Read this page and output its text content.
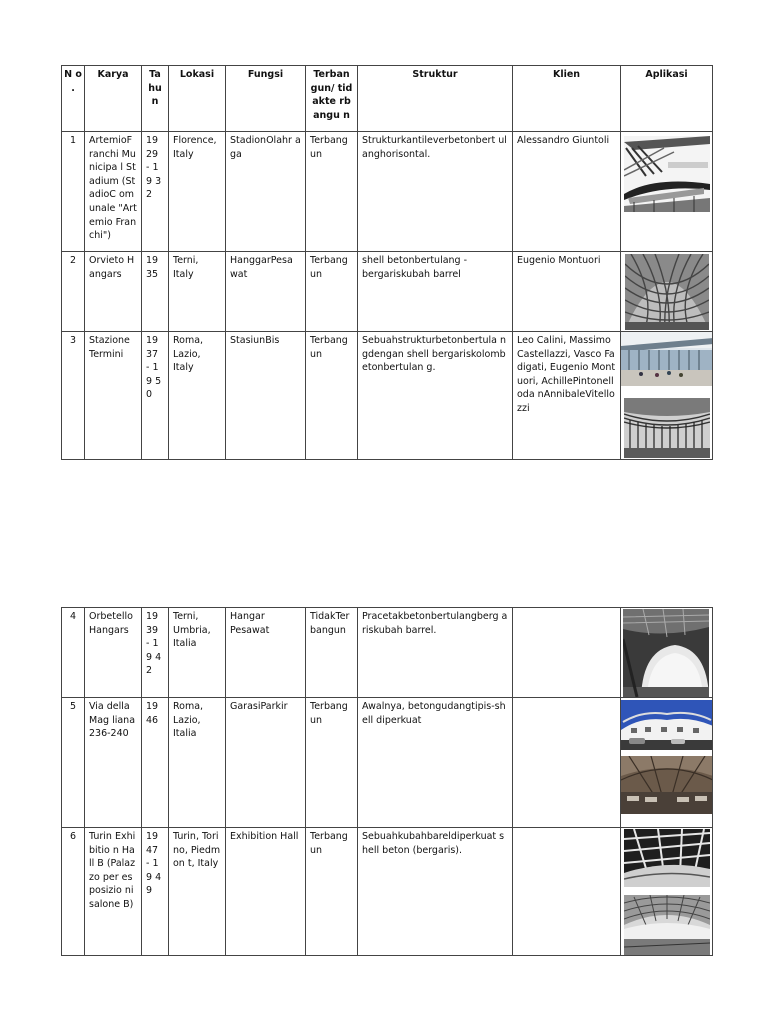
N o .	Karya	Ta hu n	Lokasi	Fungsi	Terban gun/ tidakte rbangu n	Struktur	Klien	Aplikasi
1	ArtemioF ranchi Municipa l Stadium (StadioC omunale "Artemio Franchi")	19 29 - 19 32	Florence, Italy	StadionOlahr aga	Terbang un	Strukturkantileverbetonbert ulanghorisontal.	Alessandro Giuntoli	

2	Orvieto Hangars	19 35	Terni, Italy	HanggarPesa wat	Terbang un	shell betonbertulang - bergariskubah barrel	Eugenio Montuori	

3	Stazione Termini	19 37 - 19 50	Roma, Lazio, Italy	StasiunBis	Terbang un	Sebuahstrukturbetonbertula ngdengan shell bergariskolombetonbertulan g.	Leo Calini, Massimo Castellazzi, Vasco Fadigati, Eugenio Montuori, AchillePintonelloda nAnnibaleVitellozzi	
4	Orbetello Hangars	19 39 - 19 42	Terni, Umbria, Italia	Hangar Pesawat	TidakTer bangun	Pracetakbetonbertulangberg ariskubah barrel.		

5	Via dellaMag liana 236-240	19 46	Roma, Lazio, Italia	GarasiParkir	Terbang un	Awalnya, betongudangtipis-shell diperkuat		

6	Turin Exhibitio n Hall B (Palazzo per esposizio nisalone B)	19 47 - 19 49	Turin, Torino, Piedmon t, Italy	Exhibition Hall	Terbang un	Sebuahkubahbareldiperkuat shell beton (bergaris).		
